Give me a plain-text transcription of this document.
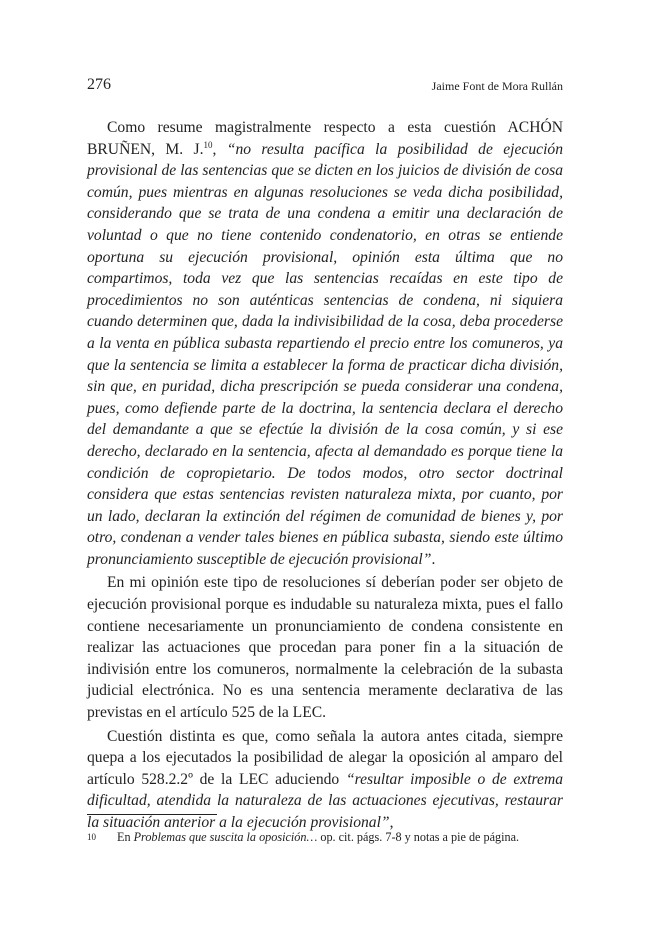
276	Jaime Font de Mora Rullán

Como resume magistralmente respecto a esta cuestión ACHÓN BRUÑEN, M. J.$^{10}$, “no resulta pacífica la posibilidad de ejecución provisional de las sentencias que se dicten en los juicios de división de cosa común, pues mientras en algunas resoluciones se veda dicha posibilidad, considerando que se trata de una condena a emitir una declaración de voluntad o que no tiene contenido condenatorio, en otras se entiende oportuna su ejecución provisional, opinión esta última que no compartimos, toda vez que las sentencias recaídas en este tipo de procedimientos no son auténticas sentencias de condena, ni siquiera cuando determinen que, dada la indivisibilidad de la cosa, deba procederse a la venta en pública subasta repartiendo el precio entre los comuneros, ya que la sentencia se limita a establecer la forma de practicar dicha división, sin que, en puridad, dicha prescripción se pueda considerar una condena, pues, como defiende parte de la doctrina, la sentencia declara el derecho del demandante a que se efectúe la división de la cosa común, y si ese derecho, declarado en la sentencia, afecta al demandado es porque tiene la condición de copropietario. De todos modos, otro sector doctrinal considera que estas sentencias revisten naturaleza mixta, por cuanto, por un lado, declaran la extinción del régimen de comunidad de bienes y, por otro, condenan a vender tales bienes en pública subasta, siendo este último pronunciamiento susceptible de ejecución provisional”.

En mi opinión este tipo de resoluciones sí deberían poder ser objeto de ejecución provisional porque es indudable su naturaleza mixta, pues el fallo contiene necesariamente un pronunciamiento de condena consistente en realizar las actuaciones que procedan para poner fin a la situación de indivisión entre los comuneros, normalmente la celebración de la subasta judicial electrónica. No es una sentencia meramente declarativa de las previstas en el artículo 525 de la LEC.

Cuestión distinta es que, como señala la autora antes citada, siempre quepa a los ejecutados la posibilidad de alegar la oposición al amparo del artículo 528.2.2º de la LEC aduciendo “resultar imposible o de extrema dificultad, atendida la naturaleza de las actuaciones ejecutivas, restaurar la situación anterior a la ejecución provisional”,

10 En Problemas que suscita la oposición… op. cit. págs. 7-8 y notas a pie de página.
